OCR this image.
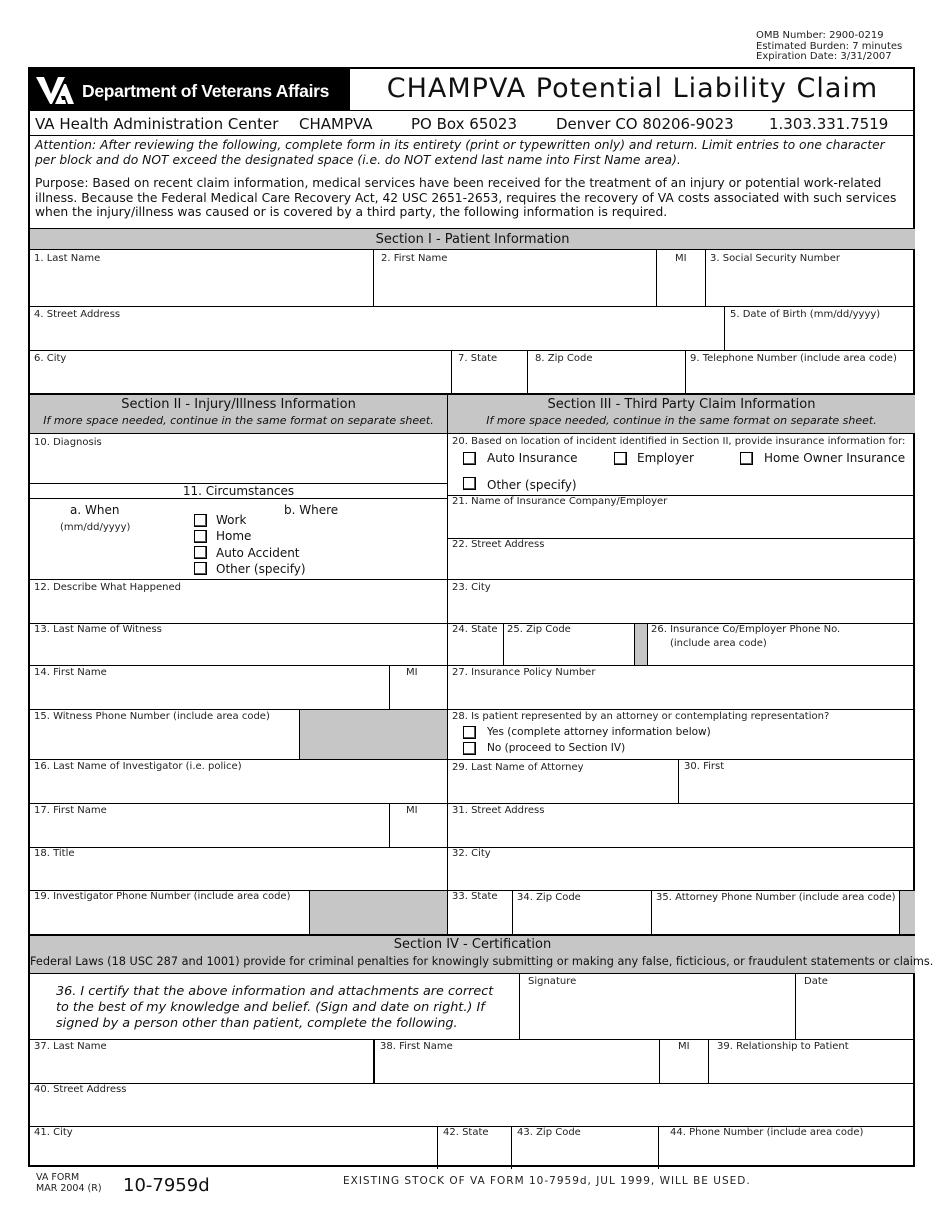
OMB Number: 2900-0219
Estimated Burden: 7 minutes
Expiration Date: 3/31/2007
Department of Veterans Affairs	CHAMPVA Potential Liability Claim
VA Health Administration Center CHAMPVA	PO Box 65023	Denver CO 80206-9023 1.303.331.7519
Attention: After reviewing the following, complete form in its entirety (print or typewritten only) and return. Limit entries to one character per block and do NOT exceed the designated space (i.e. do NOT extend last name into First Name area).
Purpose: Based on recent claim information, medical services have been received for the treatment of an injury or potential work-related illness. Because the Federal Medical Care Recovery Act, 42 USC 2651-2653, requires the recovery of VA costs associated with such services when the injury/illness was caused or is covered by a third party, the following information is required.
Section I - Patient Information
1. Last Name	2. First Name	MI 3. Social Security Number
4. Street Address	5. Date of Birth (mm/dd/yyyy)
6. City	7. State	8. Zip Code	9. Telephone Number (include area code)
Section II - Injury/Illness Information
If more space needed, continue in the same format on separate sheet.
Section III - Third Party Claim Information
If more space needed, continue in the same format on separate sheet.
10. Diagnosis
11. Circumstances
a. When
(mm/dd/yyyy)
b. Where
Work
Home
Auto Accident
Other (specify)
20. Based on location of incident identified in Section II, provide insurance information for:
Auto Insurance	Employer	Home Owner Insurance
Other (specify)
21. Name of Insurance Company/Employer
22. Street Address
12. Describe What Happened	23. City
13. Last Name of Witness	24. State 25. Zip Code	26. Insurance Co/Employer Phone No.
(include area code)
14. First Name	MI	27. Insurance Policy Number
15. Witness Phone Number (include area code)	28. Is patient represented by an attorney or contemplating representation?
Yes (complete attorney information below)
No (proceed to Section IV)
16. Last Name of Investigator (i.e. police)	29. Last Name of Attorney	30. First
17. First Name	MI	31. Street Address
18. Title	32. City
19. Investigator Phone Number (include area code)	33. State 34. Zip Code	35. Attorney Phone Number (include area code)
Section IV - Certification
Federal Laws (18 USC 287 and 1001) provide for criminal penalties for knowingly submitting or making any false, ficticious, or fraudulent statements or claims.
36. I certify that the above information and attachments are correct
to the best of my knowledge and belief. (Sign and date on right.) If
signed by a person other than patient, complete the following.
Signature	Date
37. Last Name	38. First Name	MI	39. Relationship to Patient
40. Street Address
41. City	42. State	43. Zip Code	44. Phone Number (include area code)
VA FORM
MAR 2004 (R) 10-7959d	EXISTING STOCK OF VA FORM 10-7959d, JUL 1999, WILL BE USED.
